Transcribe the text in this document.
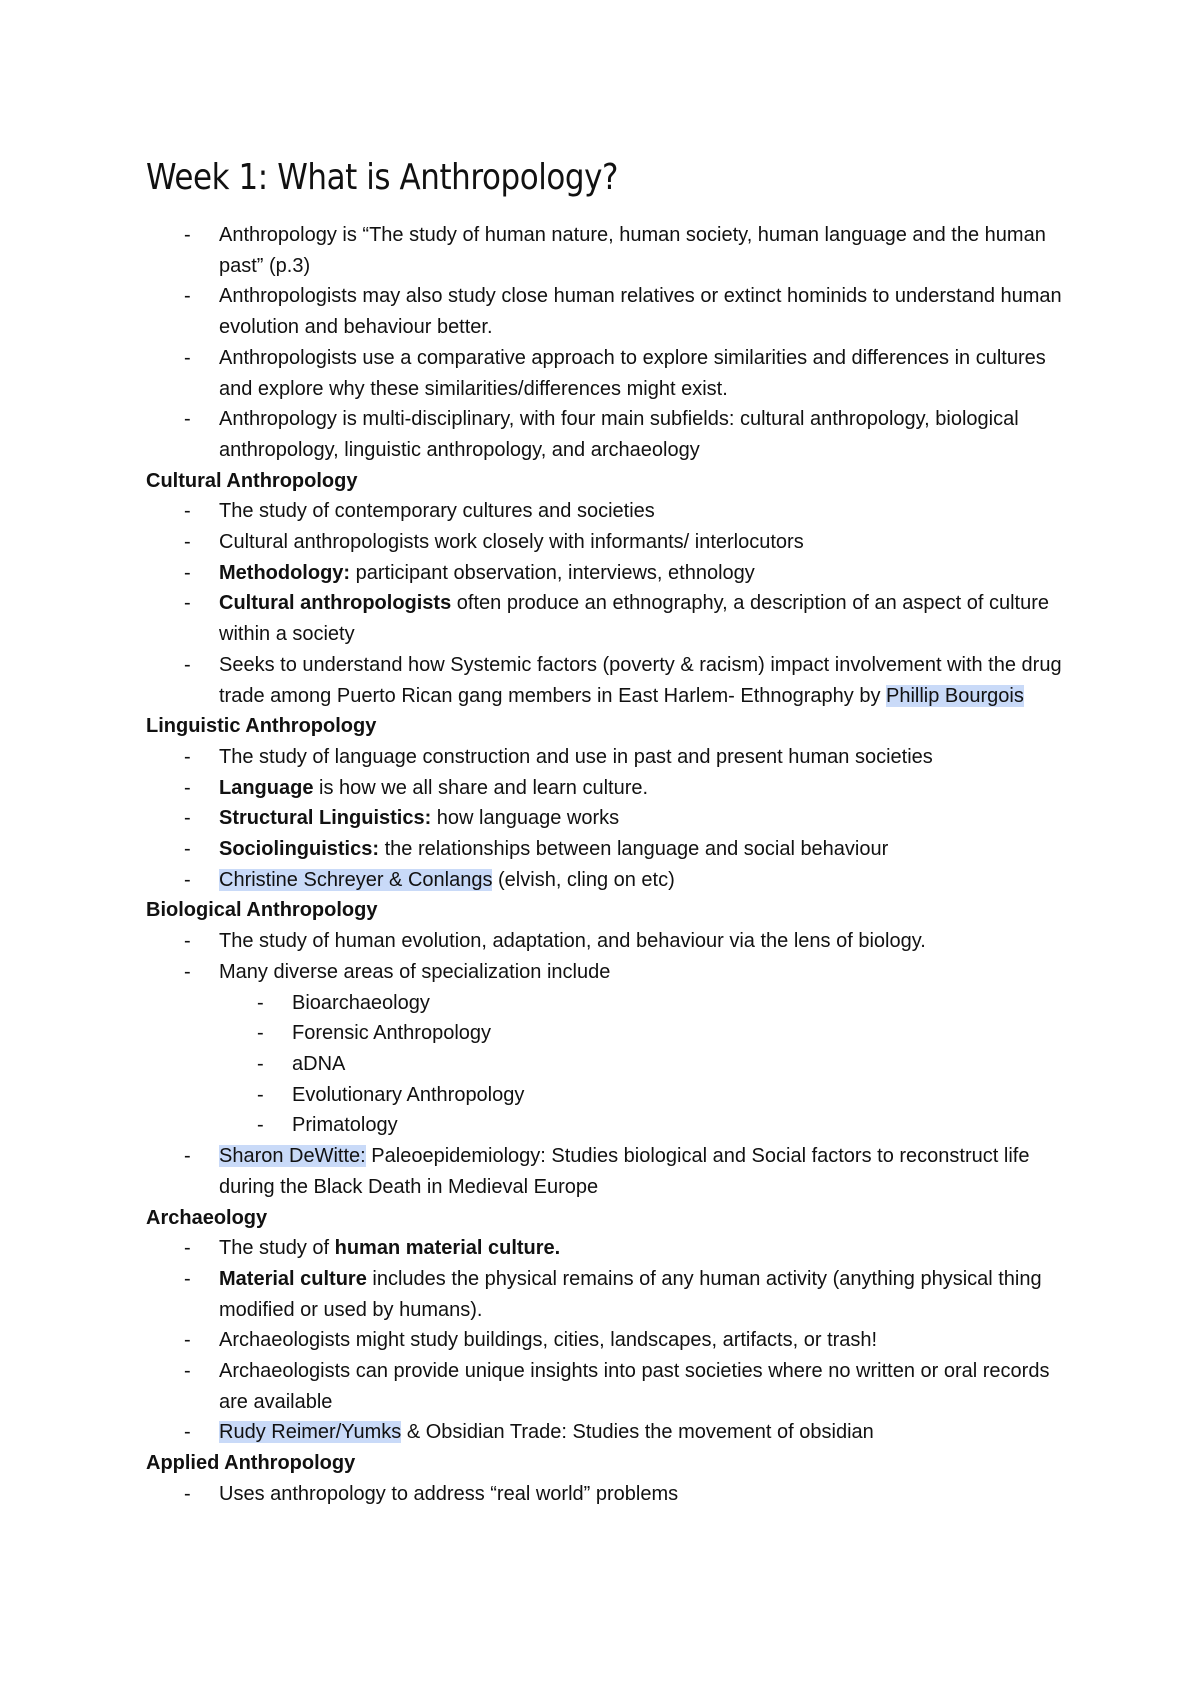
Week 1: What is Anthropology?
- Anthropology is “The study of human nature, human society, human language and the human past” (p.3)
- Anthropologists may also study close human relatives or extinct hominids to understand human evolution and behaviour better.
- Anthropologists use a comparative approach to explore similarities and differences in cultures and explore why these similarities/differences might exist.
- Anthropology is multi-disciplinary, with four main subfields: cultural anthropology, biological anthropology, linguistic anthropology, and archaeology
Cultural Anthropology
- The study of contemporary cultures and societies
- Cultural anthropologists work closely with informants/ interlocutors
- Methodology: participant observation, interviews, ethnology
- Cultural anthropologists often produce an ethnography, a description of an aspect of culture within a society
- Seeks to understand how Systemic factors (poverty & racism) impact involvement with the drug trade among Puerto Rican gang members in East Harlem- Ethnography by Phillip Bourgois
Linguistic Anthropology
- The study of language construction and use in past and present human societies
- Language is how we all share and learn culture.
- Structural Linguistics: how language works
- Sociolinguistics: the relationships between language and social behaviour
- Christine Schreyer & Conlangs (elvish, cling on etc)
Biological Anthropology
- The study of human evolution, adaptation, and behaviour via the lens of biology.
- Many diverse areas of specialization include
- Bioarchaeology
- Forensic Anthropology
- aDNA
- Evolutionary Anthropology
- Primatology
- Sharon DeWitte: Paleoepidemiology: Studies biological and Social factors to reconstruct life during the Black Death in Medieval Europe
Archaeology
- The study of human material culture.
- Material culture includes the physical remains of any human activity (anything physical thing modified or used by humans).
- Archaeologists might study buildings, cities, landscapes, artifacts, or trash!
- Archaeologists can provide unique insights into past societies where no written or oral records are available
- Rudy Reimer/Yumks & Obsidian Trade: Studies the movement of obsidian
Applied Anthropology
- Uses anthropology to address “real world” problems
